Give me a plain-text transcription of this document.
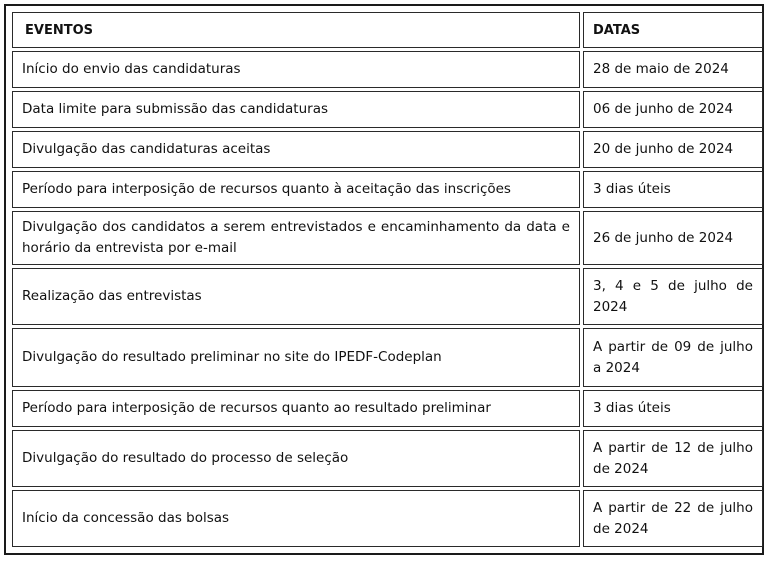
EVENTOS	DATAS
Início do envio das candidaturas	28 de maio de 2024
Data limite para submissão das candidaturas	06 de junho de 2024
Divulgação das candidaturas aceitas	20 de junho de 2024
Período para interposição de recursos quanto à aceitação das inscrições	3 dias úteis
Divulgação dos candidatos a serem entrevistados e encaminhamento da data e horário da entrevista por e-mail	26 de junho de 2024
Realização das entrevistas	3, 4 e 5 de julho de 2024
Divulgação do resultado preliminar no site do IPEDF-Codeplan	A partir de 09 de julho a 2024
Período para interposição de recursos quanto ao resultado preliminar	3 dias úteis
Divulgação do resultado do processo de seleção	A partir de 12 de julho de 2024
Início da concessão das bolsas	A partir de 22 de julho de 2024
